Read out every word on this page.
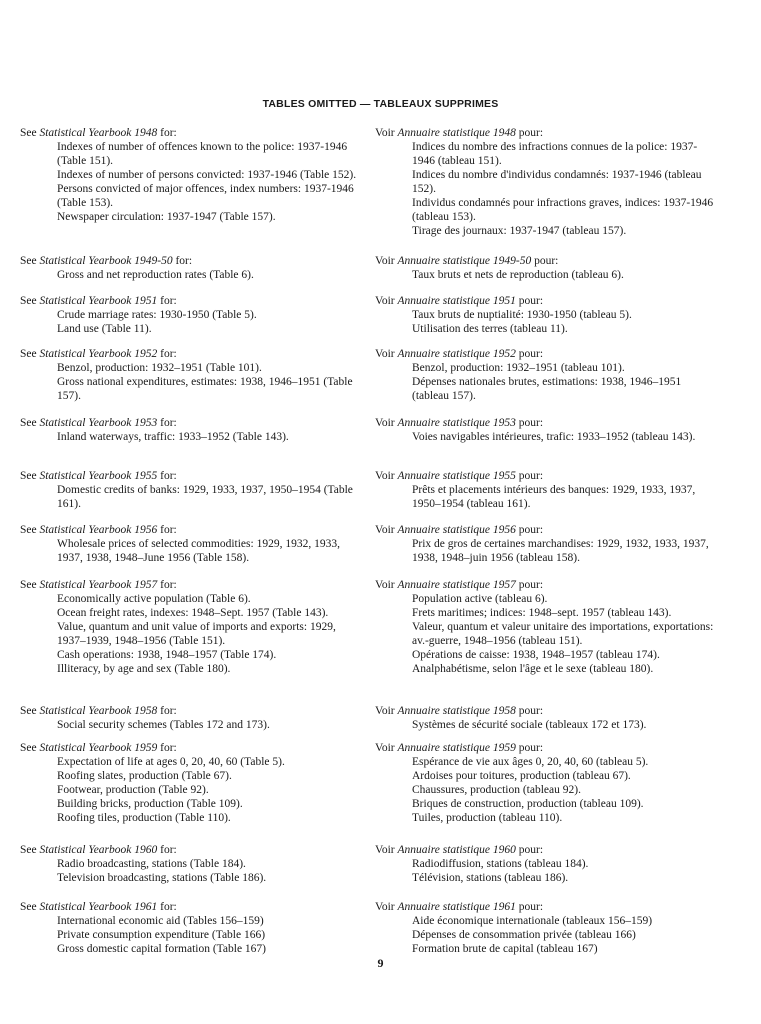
TABLES OMITTED — TABLEAUX SUPPRIMES
See Statistical Yearbook 1948 for:
Indexes of number of offences known to the police: 1937-1946 (Table 151).
Indexes of number of persons convicted: 1937-1946 (Table 152).
Persons convicted of major offences, index numbers: 1937-1946 (Table 153).
Newspaper circulation: 1937-1947 (Table 157).
See Statistical Yearbook 1949-50 for:
Gross and net reproduction rates (Table 6).
See Statistical Yearbook 1951 for:
Crude marriage rates: 1930-1950 (Table 5).
Land use (Table 11).
See Statistical Yearbook 1952 for:
Benzol, production: 1932–1951 (Table 101).
Gross national expenditures, estimates: 1938, 1946–1951 (Table 157).
See Statistical Yearbook 1953 for:
Inland waterways, traffic: 1933–1952 (Table 143).
See Statistical Yearbook 1955 for:
Domestic credits of banks: 1929, 1933, 1937, 1950–1954 (Table 161).
See Statistical Yearbook 1956 for:
Wholesale prices of selected commodities: 1929, 1932, 1933, 1937, 1938, 1948–June 1956 (Table 158).
See Statistical Yearbook 1957 for:
Economically active population (Table 6).
Ocean freight rates, indexes: 1948–Sept. 1957 (Table 143).
Value, quantum and unit value of imports and exports: 1929, 1937–1939, 1948–1956 (Table 151).
Cash operations: 1938, 1948–1957 (Table 174).
Illiteracy, by age and sex (Table 180).
See Statistical Yearbook 1958 for:
Social security schemes (Tables 172 and 173).
See Statistical Yearbook 1959 for:
Expectation of life at ages 0, 20, 40, 60 (Table 5).
Roofing slates, production (Table 67).
Footwear, production (Table 92).
Building bricks, production (Table 109).
Roofing tiles, production (Table 110).
See Statistical Yearbook 1960 for:
Radio broadcasting, stations (Table 184).
Television broadcasting, stations (Table 186).
See Statistical Yearbook 1961 for:
International economic aid (Tables 156–159)
Private consumption expenditure (Table 166)
Gross domestic capital formation (Table 167)
Voir Annuaire statistique 1948 pour:
Indices du nombre des infractions connues de la police: 1937-1946 (tableau 151).
Indices du nombre d'individus condamnés: 1937-1946 (tableau 152).
Individus condamnés pour infractions graves, indices: 1937-1946 (tableau 153).
Tirage des journaux: 1937-1947 (tableau 157).
Voir Annuaire statistique 1949-50 pour:
Taux bruts et nets de reproduction (tableau 6).
Voir Annuaire statistique 1951 pour:
Taux bruts de nuptialité: 1930-1950 (tableau 5).
Utilisation des terres (tableau 11).
Voir Annuaire statistique 1952 pour:
Benzol, production: 1932–1951 (tableau 101).
Dépenses nationales brutes, estimations: 1938, 1946–1951 (tableau 157).
Voir Annuaire statistique 1953 pour:
Voies navigables intérieures, trafic: 1933–1952 (tableau 143).
Voir Annuaire statistique 1955 pour:
Prêts et placements intérieurs des banques: 1929, 1933, 1937, 1950–1954 (tableau 161).
Voir Annuaire statistique 1956 pour:
Prix de gros de certaines marchandises: 1929, 1932, 1933, 1937, 1938, 1948–juin 1956 (tableau 158).
Voir Annuaire statistique 1957 pour:
Population active (tableau 6).
Frets maritimes; indices: 1948–sept. 1957 (tableau 143).
Valeur, quantum et valeur unitaire des importations, exportations: av.-guerre, 1948–1956 (tableau 151).
Opérations de caisse: 1938, 1948–1957 (tableau 174).
Analphabétisme, selon l'âge et le sexe (tableau 180).
Voir Annuaire statistique 1958 pour:
Systèmes de sécurité sociale (tableaux 172 et 173).
Voir Annuaire statistique 1959 pour:
Espérance de vie aux âges 0, 20, 40, 60 (tableau 5).
Ardoises pour toitures, production (tableau 67).
Chaussures, production (tableau 92).
Briques de construction, production (tableau 109).
Tuiles, production (tableau 110).
Voir Annuaire statistique 1960 pour:
Radiodiffusion, stations (tableau 184).
Télévision, stations (tableau 186).
Voir Annuaire statistique 1961 pour:
Aide économique internationale (tableaux 156–159)
Dépenses de consommation privée (tableau 166)
Formation brute de capital (tableau 167)
9
